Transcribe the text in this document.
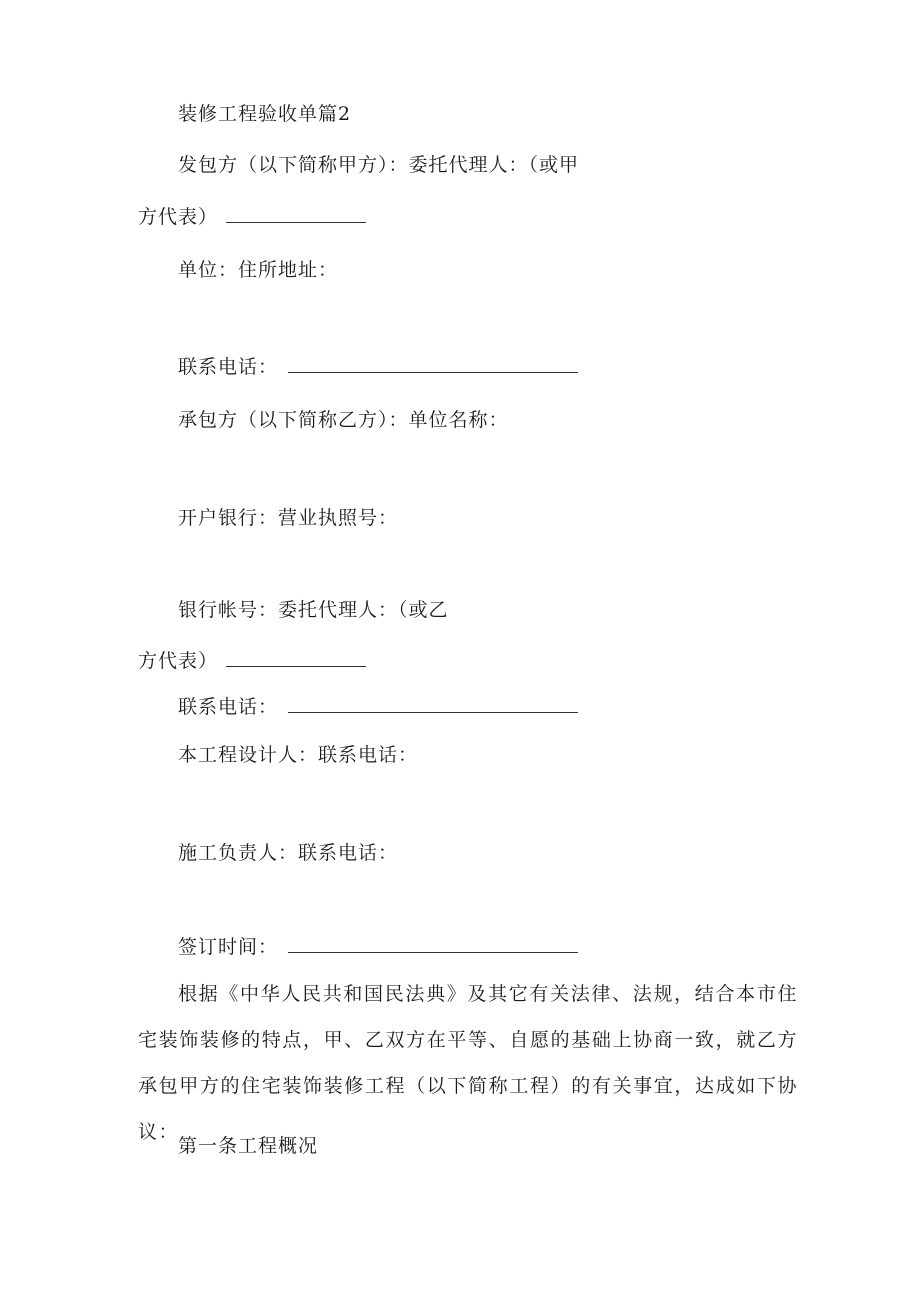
装修工程验收单篇2
发包方（以下简称甲方）：委托代理人：（或甲
方代表）
单位：住所地址：
联系电话：
承包方（以下简称乙方）：单位名称：
开户银行：营业执照号：
银行帐号：委托代理人：（或乙
方代表）
联系电话：
本工程设计人：联系电话：
施工负责人：联系电话：
签订时间：
根据《中华人民共和国民法典》及其它有关法律、法规，结合本市住宅装饰装修的特点，甲、乙双方在平等、自愿的基础上协商一致，就乙方承包甲方的住宅装饰装修工程（以下简称工程）的有关事宜，达成如下协议：
第一条工程概况
